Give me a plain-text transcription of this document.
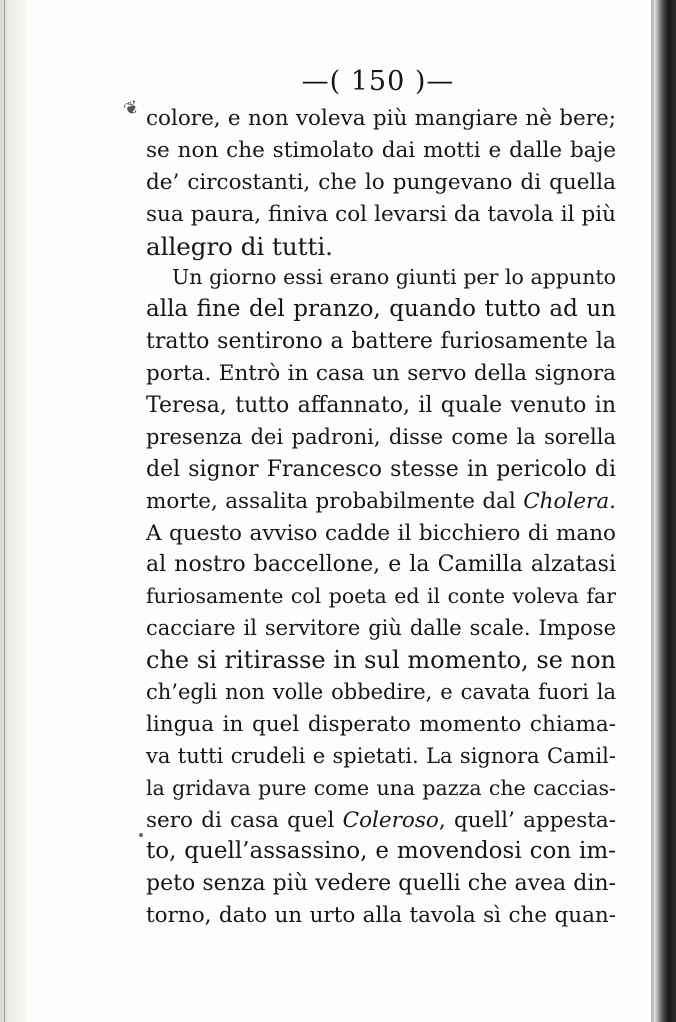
❦
—( 150 )—
colore, e non voleva più mangiare nè bere;
se non che stimolato dai motti e dalle baje
de’ circostanti, che lo pungevano di quella
sua paura, finiva col levarsi da tavola il più
allegro di tutti.
Un giorno essi erano giunti per lo appunto
alla fine del pranzo, quando tutto ad un
tratto sentirono a battere furiosamente la
porta. Entrò in casa un servo della signora
Teresa, tutto affannato, il quale venuto in
presenza dei padroni, disse come la sorella
del signor Francesco stesse in pericolo di
morte, assalita probabilmente dal Cholera.
A questo avviso cadde il bicchiero di mano
al nostro baccellone, e la Camilla alzatasi
furiosamente col poeta ed il conte voleva far
cacciare il servitore giù dalle scale. Impose
che si ritirasse in sul momento, se non
ch’egli non volle obbedire, e cavata fuori la
lingua in quel disperato momento chiama-
va tutti crudeli e spietati. La signora Camil-
la gridava pure come una pazza che caccias-
sero di casa quel Coleroso, quell’ appesta-
to, quell’assassino, e movendosi con im-
peto senza più vedere quelli che avea din-
torno, dato un urto alla tavola sì che quan-
